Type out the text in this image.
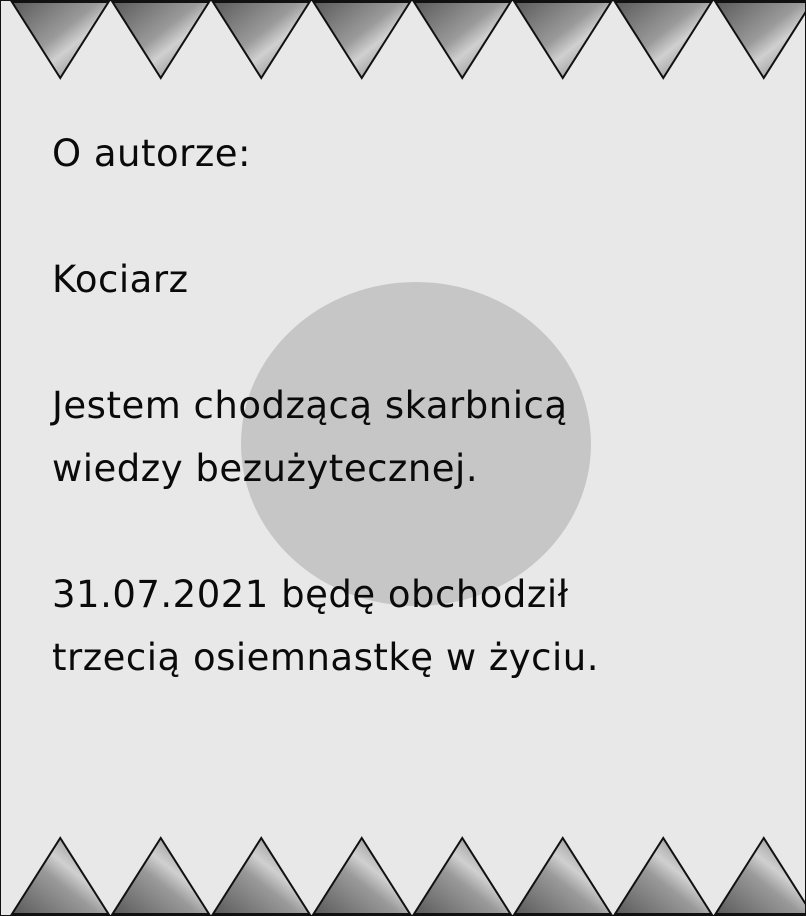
O autorze:
Kociarz
Jestem chodzącą skarbnicą
wiedzy bezużytecznej.
31.07.2021 będę obchodził
trzecią osiemnastkę w życiu.
